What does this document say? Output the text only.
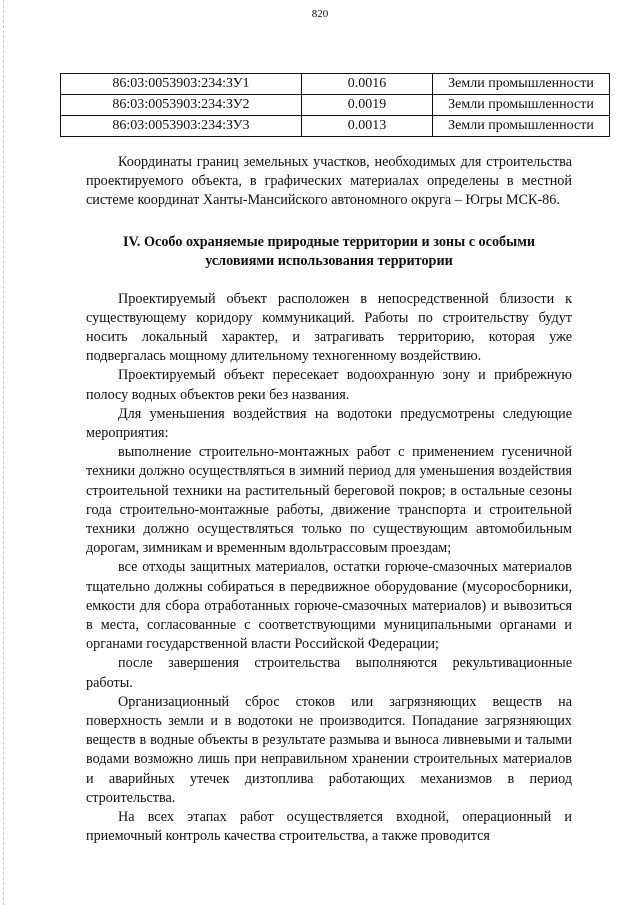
820
86:03:0053903:234:ЗУ1	0.0016	Земли промышленности
86:03:0053903:234:ЗУ2	0.0019	Земли промышленности
86:03:0053903:234:ЗУ3	0.0013	Земли промышленности

Координаты границ земельных участков, необходимых для строительства проектируемого объекта, в графических материалах определены в местной системе координат Ханты-Мансийского автономного округа – Югры МСК-86.

IV. Особо охраняемые природные территории и зоны с особыми условиями использования территории

Проектируемый объект расположен в непосредственной близости к существующему коридору коммуникаций. Работы по строительству будут носить локальный характер, и затрагивать территорию, которая уже подвергалась мощному длительному техногенному воздействию.

Проектируемый объект пересекает водоохранную зону и прибрежную полосу водных объектов реки без названия.

Для уменьшения воздействия на водотоки предусмотрены следующие мероприятия:

выполнение строительно-монтажных работ с применением гусеничной техники должно осуществляться в зимний период для уменьшения воздействия строительной техники на растительный береговой покров; в остальные сезоны года строительно-монтажные работы, движение транспорта и строительной техники должно осуществляться только по существующим автомобильным дорогам, зимникам и временным вдольтрассовым проездам;

все отходы защитных материалов, остатки горюче-смазочных материалов тщательно должны собираться в передвижное оборудование (мусоросборники, емкости для сбора отработанных горюче-смазочных материалов) и вывозиться в места, согласованные с соответствующими муниципальными органами и органами государственной власти Российской Федерации;

после завершения строительства выполняются рекультивационные работы.

Организационный сброс стоков или загрязняющих веществ на поверхность земли и в водотоки не производится. Попадание загрязняющих веществ в водные объекты в результате размыва и выноса ливневыми и талыми водами возможно лишь при неправильном хранении строительных материалов и аварийных утечек дизтоплива работающих механизмов в период строительства.

На всех этапах работ осуществляется входной, операционный и приемочный контроль качества строительства, а также проводится
